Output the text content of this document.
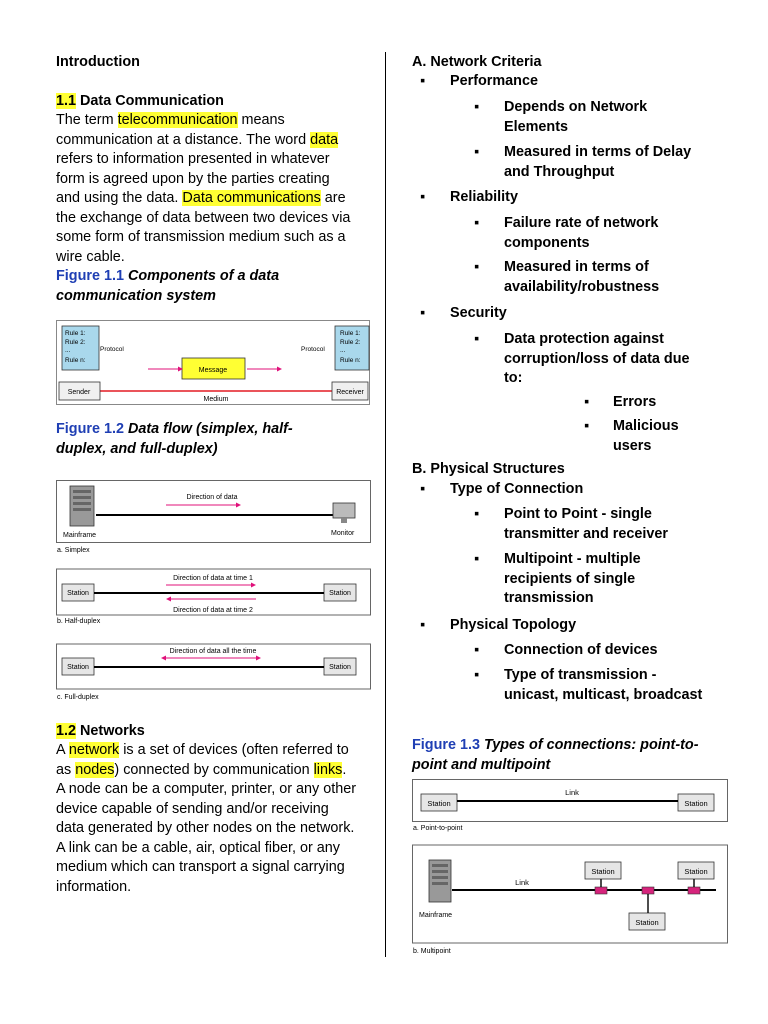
Introduction
1.1 Data Communication
The term telecommunication means communication at a distance. The word data refers to information presented in whatever form is agreed upon by the parties creating and using the data. Data communications are the exchange of data between two devices via some form of transmission medium such as a wire cable.
Figure 1.1 Components of a data communication system
Rule 1:
Rule 2:
...
Rule n:
Protocol
Rule 1:
Rule 2:
...
Rule n:
Protocol
Message
Sender	Receiver
Medium
Figure 1.2 Data flow (simplex, half-duplex, and full-duplex)
Mainframe
Direction of data
Monitor
a. Simplex
Station	Station
Direction of data at time 1
Direction of data at time 2
b. Half-duplex
Station	Station
Direction of data all the time
c. Full-duplex
1.2 Networks
A network is a set of devices (often referred to as nodes) connected by communication links. A node can be a computer, printer, or any other device capable of sending and/or receiving data generated by other nodes on the network. A link can be a cable, air, optical fiber, or any medium which can transport a signal carrying information.
A. Network Criteria
▪	Performance
▪	Depends on Network Elements
▪	Measured in terms of Delay and Throughput
▪	Reliability
▪	Failure rate of network components
▪	Measured in terms of availability/robustness
▪	Security
▪	Data protection against corruption/loss of data due to:
▪	Errors
▪	Malicious users
B. Physical Structures
▪	Type of Connection
▪	Point to Point - single transmitter and receiver
▪	Multipoint - multiple recipients of single transmission
▪	Physical Topology
▪	Connection of devices
▪	Type of transmission - unicast, multicast, broadcast
Figure 1.3 Types of connections: point-to-point and multipoint
Station	Station
Link
a. Point-to-point
Mainframe
Link
Station	Station
Station
b. Multipoint
